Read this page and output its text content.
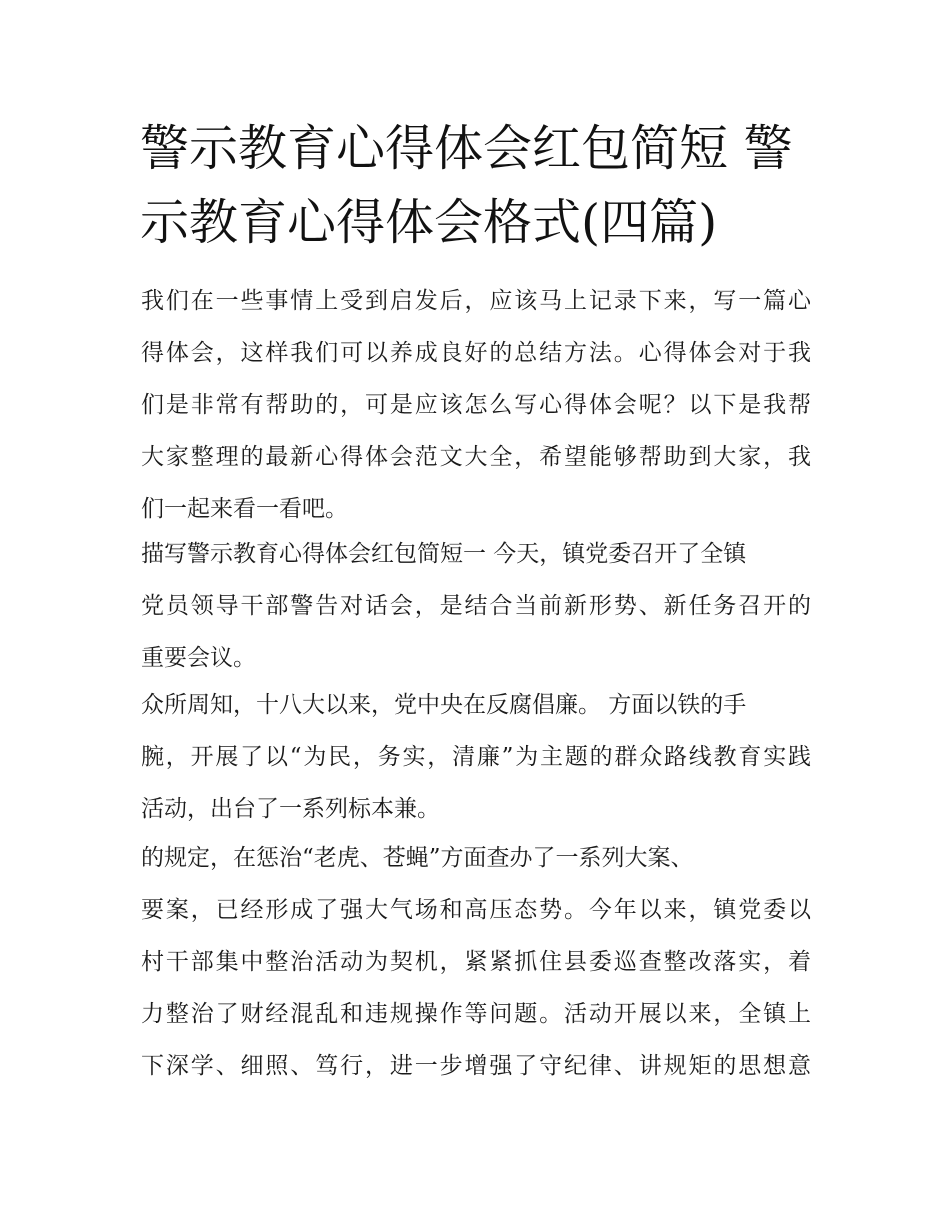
警示教育心得体会红包简短 警
示教育心得体会格式(四篇)

我们在一些事情上受到启发后，应该马上记录下来，写一篇心

得体会，这样我们可以养成良好的总结方法。心得体会对于我

们是非常有帮助的，可是应该怎么写心得体会呢？以下是我帮

大家整理的最新心得体会范文大全，希望能够帮助到大家，我

们一起来看一看吧。

描写警示教育心得体会红包简短一 今天，镇党委召开了全镇

党员领导干部警告对话会，是结合当前新形势、新任务召开的

重要会议。

众所周知，十八大以来，党中央在反腐倡廉。 方面以铁的手

腕，开展了以“为民，务实，清廉”为主题的群众路线教育实践

活动，出台了一系列标本兼。

的规定，在惩治“老虎、苍蝇”方面查办了一系列大案、

要案，已经形成了强大气场和高压态势。今年以来，镇党委以

村干部集中整治活动为契机，紧紧抓住县委巡查整改落实，着

力整治了财经混乱和违规操作等问题。活动开展以来，全镇上

下深学、细照、笃行，进一步增强了守纪律、讲规矩的思想意
